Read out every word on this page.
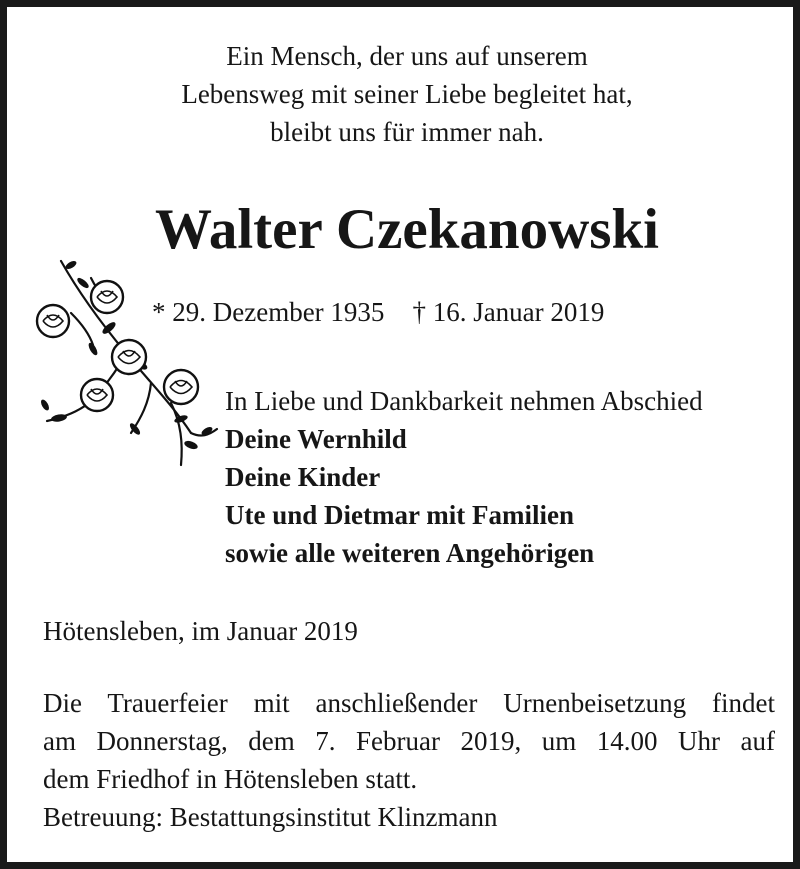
Ein Mensch, der uns auf unserem
Lebensweg mit seiner Liebe begleitet hat,
bleibt uns für immer nah.
Walter Czekanowski
* 29. Dezember 1935 † 16. Januar 2019
In Liebe und Dankbarkeit nehmen Abschied
Deine Wernhild
Deine Kinder
Ute und Dietmar mit Familien
sowie alle weiteren Angehörigen
Hötensleben, im Januar 2019
Die Trauerfeier mit anschließender Urnenbeisetzung findet
am Donnerstag, dem 7. Februar 2019, um 14.00 Uhr auf
dem Friedhof in Hötensleben statt.
Betreuung: Bestattungsinstitut Klinzmann
